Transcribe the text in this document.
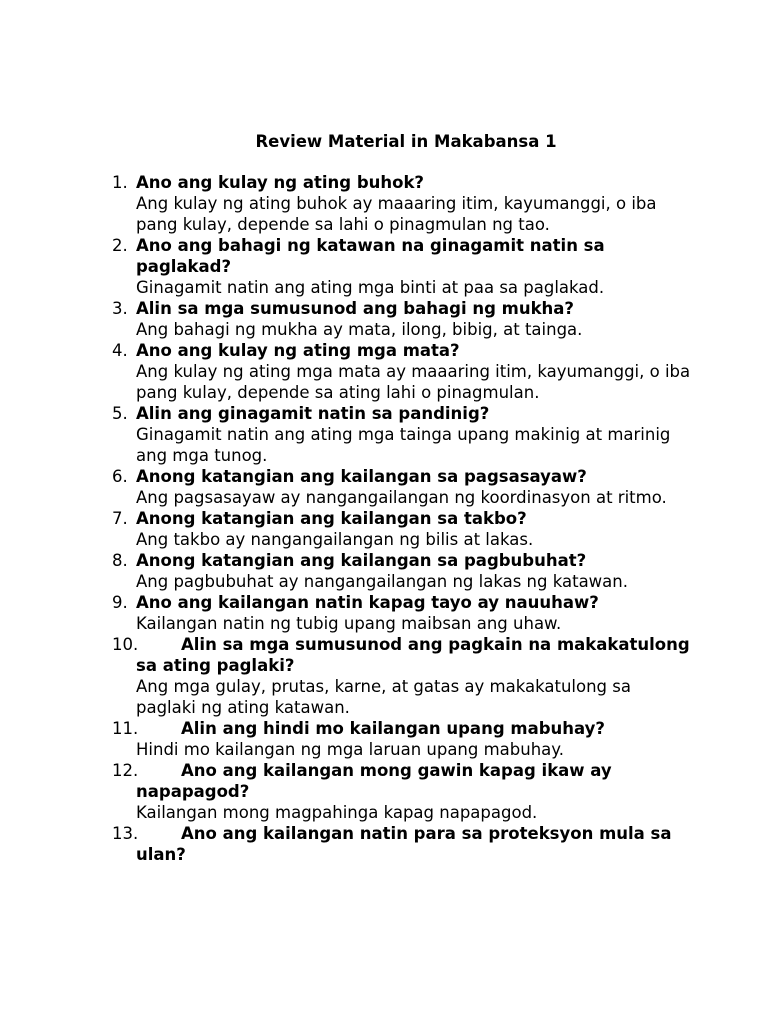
Review Material in Makabansa 1
1. Ano ang kulay ng ating buhok?
Ang kulay ng ating buhok ay maaaring itim, kayumanggi, o iba pang kulay, depende sa lahi o pinagmulan ng tao.
2. Ano ang bahagi ng katawan na ginagamit natin sa paglakad?
Ginagamit natin ang ating mga binti at paa sa paglakad.
3. Alin sa mga sumusunod ang bahagi ng mukha?
Ang bahagi ng mukha ay mata, ilong, bibig, at tainga.
4. Ano ang kulay ng ating mga mata?
Ang kulay ng ating mga mata ay maaaring itim, kayumanggi, o iba pang kulay, depende sa ating lahi o pinagmulan.
5. Alin ang ginagamit natin sa pandinig?
Ginagamit natin ang ating mga tainga upang makinig at marinig ang mga tunog.
6. Anong katangian ang kailangan sa pagsasayaw?
Ang pagsasayaw ay nangangailangan ng koordinasyon at ritmo.
7. Anong katangian ang kailangan sa takbo?
Ang takbo ay nangangailangan ng bilis at lakas.
8. Anong katangian ang kailangan sa pagbubuhat?
Ang pagbubuhat ay nangangailangan ng lakas ng katawan.
9. Ano ang kailangan natin kapag tayo ay nauuhaw?
Kailangan natin ng tubig upang maibsan ang uhaw.
10.	Alin sa mga sumusunod ang pagkain na makakatulong sa ating paglaki?
Ang mga gulay, prutas, karne, at gatas ay makakatulong sa paglaki ng ating katawan.
11.	Alin ang hindi mo kailangan upang mabuhay?
Hindi mo kailangan ng mga laruan upang mabuhay.
12.	Ano ang kailangan mong gawin kapag ikaw ay napapagod?
Kailangan mong magpahinga kapag napapagod.
13.	Ano ang kailangan natin para sa proteksyon mula sa ulan?
